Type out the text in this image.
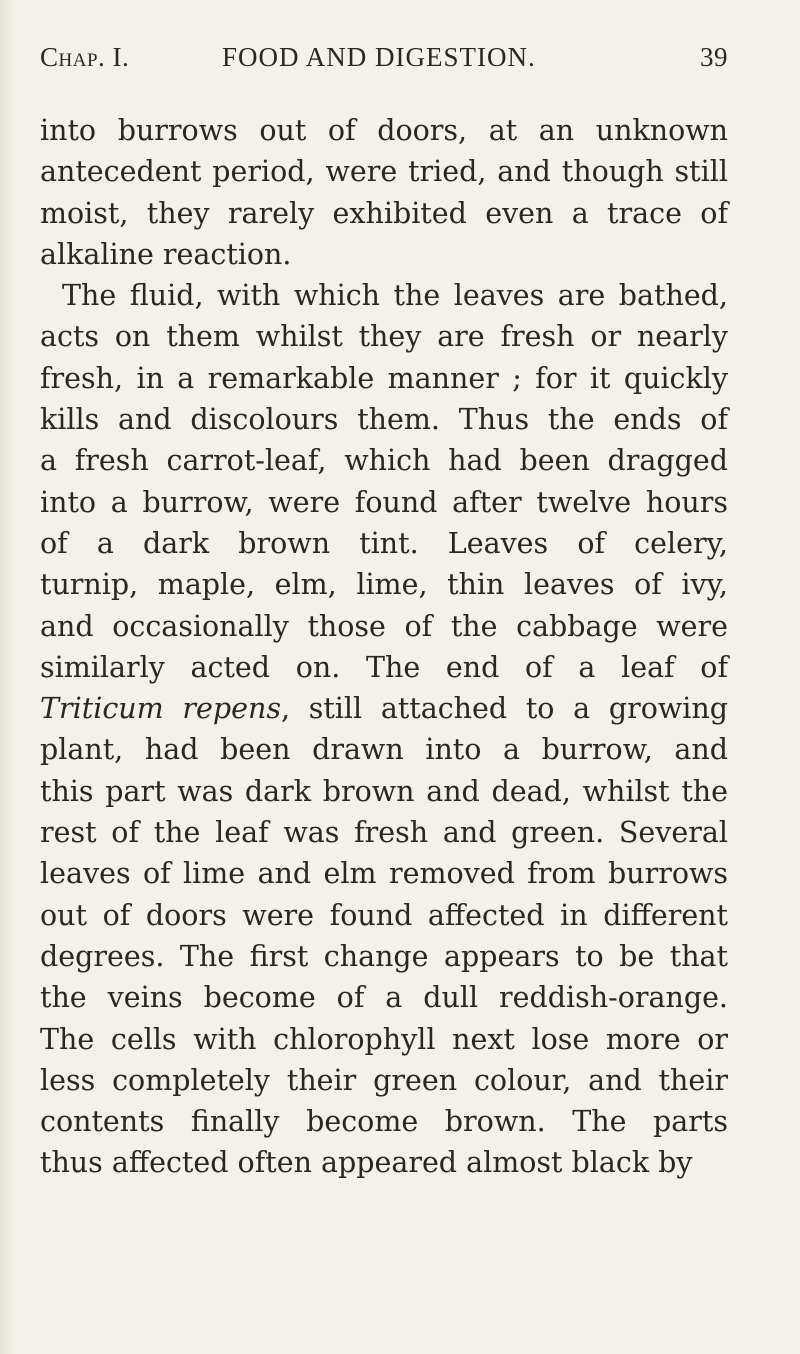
Chap. I.	FOOD AND DIGESTION.	39
into burrows out of doors, at an unknown
antecedent period, were tried, and though still
moist, they rarely exhibited even a trace of
alkaline reaction.
The fluid, with which the leaves are bathed,
acts on them whilst they are fresh or nearly
fresh, in a remarkable manner ; for it quickly
kills and discolours them. Thus the ends of
a fresh carrot-leaf, which had been dragged
into a burrow, were found after twelve hours
of a dark brown tint. Leaves of celery,
turnip, maple, elm, lime, thin leaves of ivy,
and occasionally those of the cabbage were
similarly acted on. The end of a leaf of
Triticum repens, still attached to a growing
plant, had been drawn into a burrow, and
this part was dark brown and dead, whilst the
rest of the leaf was fresh and green. Several
leaves of lime and elm removed from burrows
out of doors were found affected in different
degrees. The first change appears to be that
the veins become of a dull reddish-orange.
The cells with chlorophyll next lose more or
less completely their green colour, and their
contents finally become brown. The parts
thus affected often appeared almost black by
